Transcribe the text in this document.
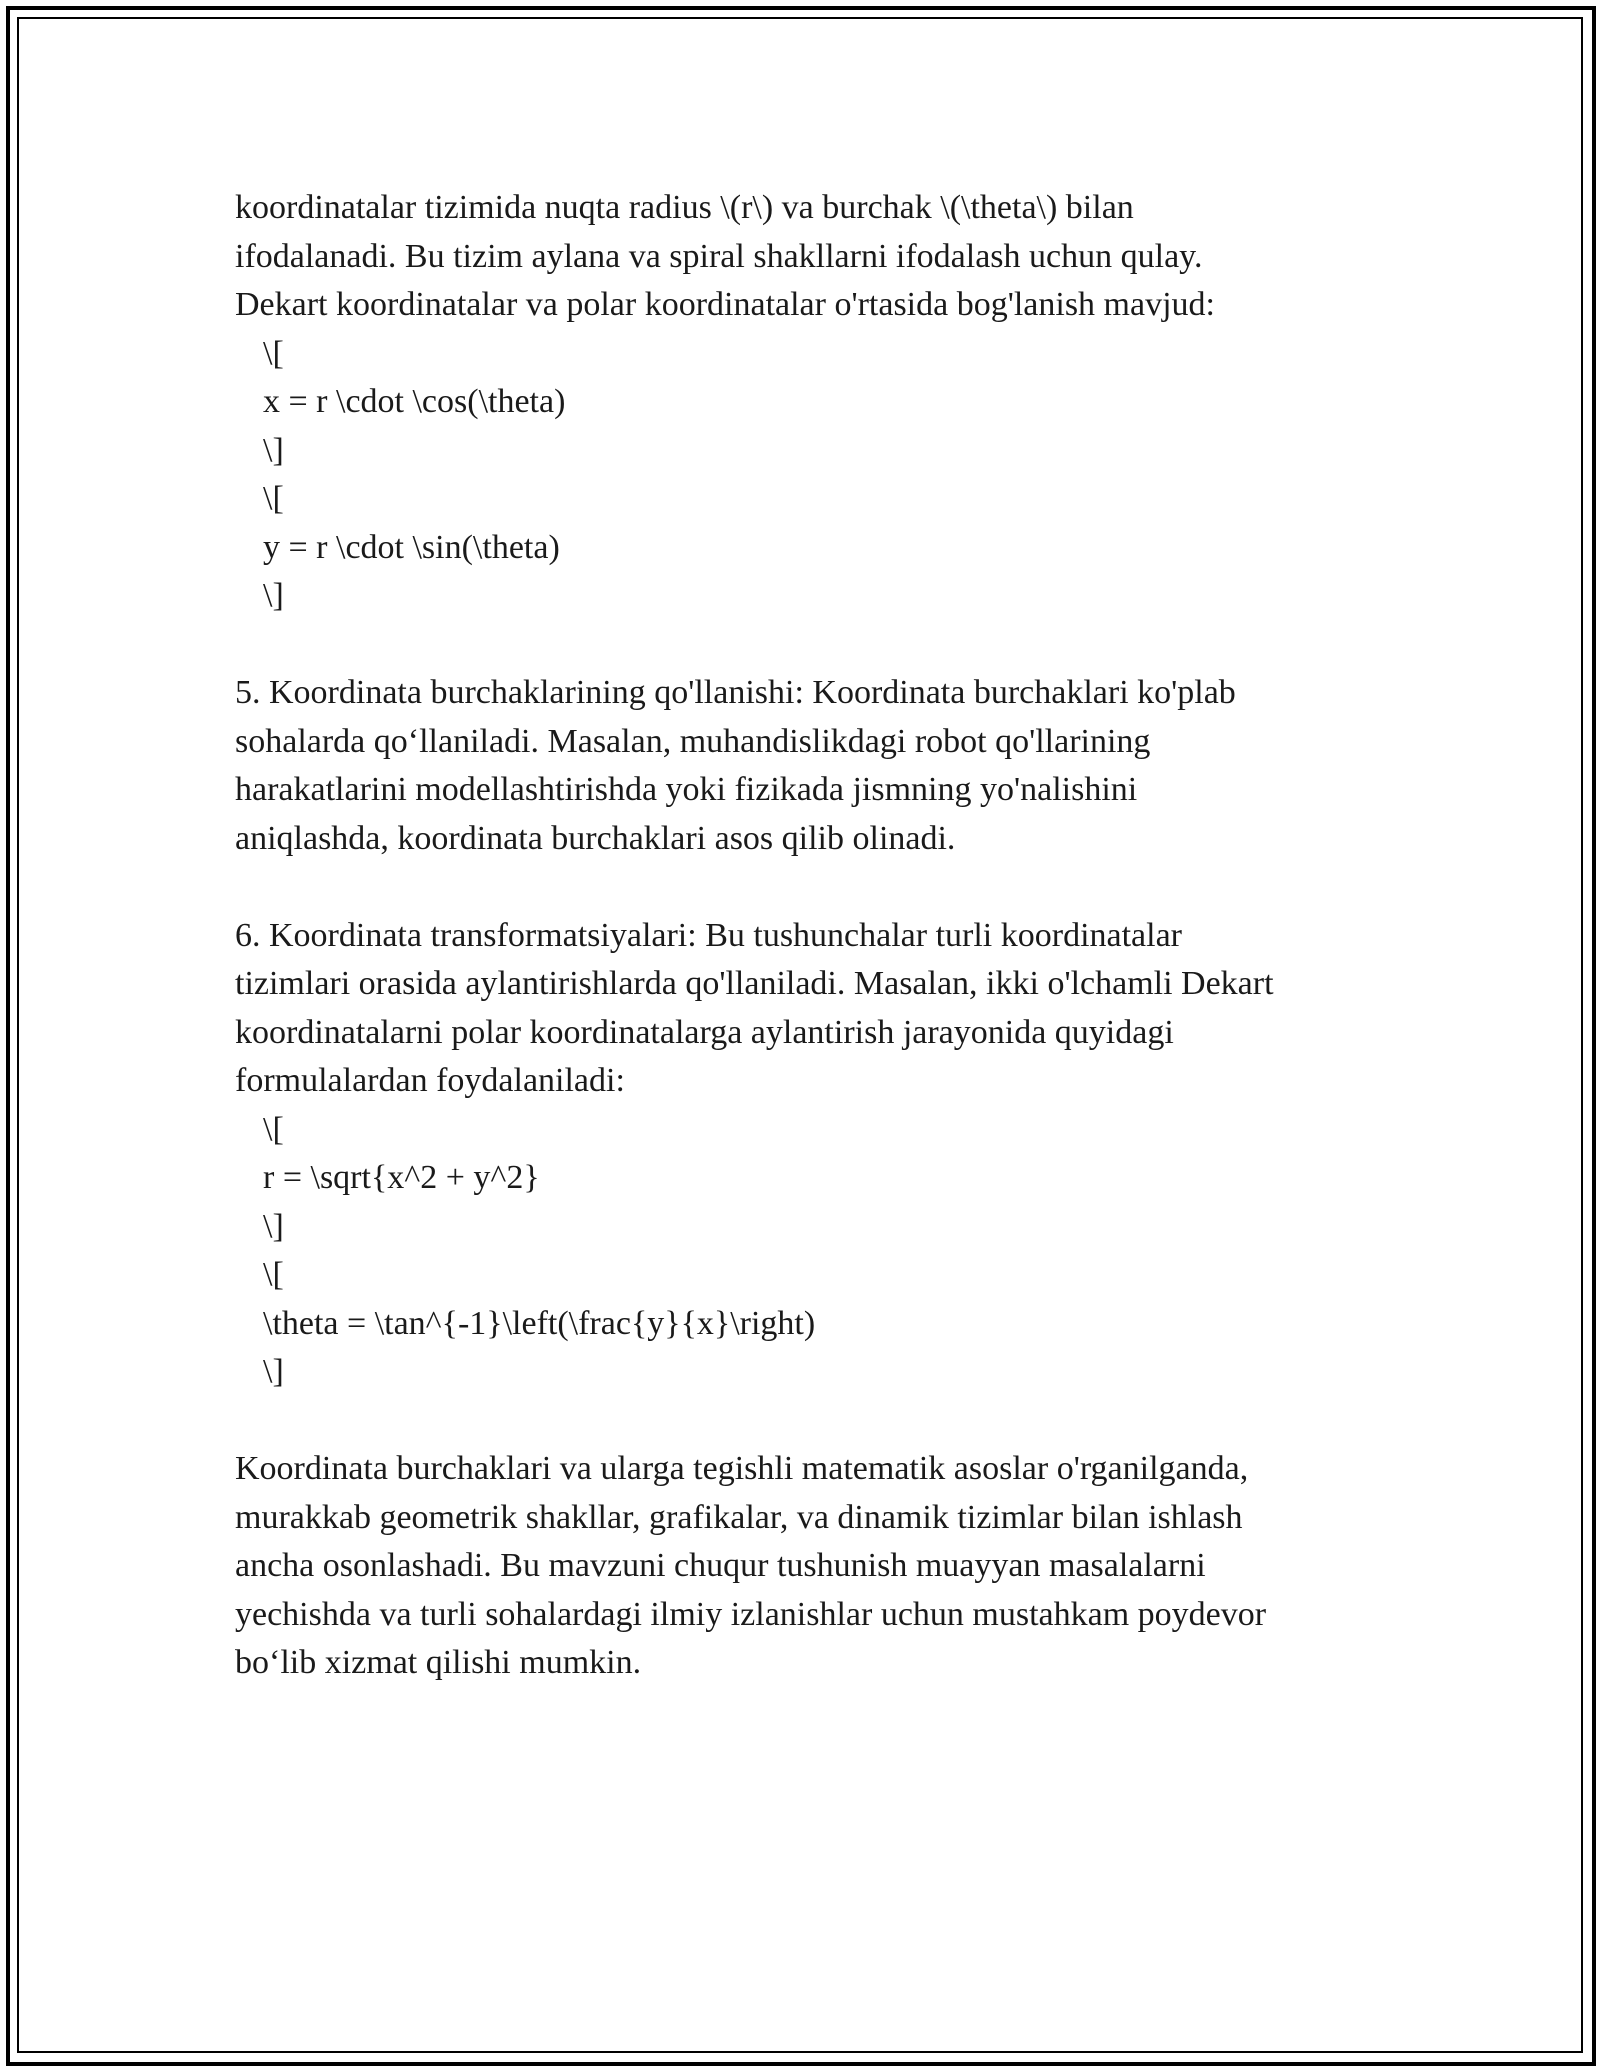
koordinatalar tizimida nuqta radius \(r\) va burchak \(\theta\) bilan
ifodalanadi. Bu tizim aylana va spiral shakllarni ifodalash uchun qulay.
Dekart koordinatalar va polar koordinatalar o'rtasida bog'lanish mavjud:

\[
x = r \cdot \cos(\theta)
\]
\[
y = r \cdot \sin(\theta)
\]

5. Koordinata burchaklarining qo'llanishi: Koordinata burchaklari ko'plab
sohalarda qo‘llaniladi. Masalan, muhandislikdagi robot qo'llarining
harakatlarini modellashtirishda yoki fizikada jismning yo'nalishini
aniqlashda, koordinata burchaklari asos qilib olinadi.

6. Koordinata transformatsiyalari: Bu tushunchalar turli koordinatalar
tizimlari orasida aylantirishlarda qo'llaniladi. Masalan, ikki o'lchamli Dekart
koordinatalarni polar koordinatalarga aylantirish jarayonida quyidagi
formulalardan foydalaniladi:

\[
r = \sqrt{x^2 + y^2}
\]
\[
\theta = \tan^{-1}\left(\frac{y}{x}\right)
\]

Koordinata burchaklari va ularga tegishli matematik asoslar o'rganilganda,
murakkab geometrik shakllar, grafikalar, va dinamik tizimlar bilan ishlash
ancha osonlashadi. Bu mavzuni chuqur tushunish muayyan masalalarni
yechishda va turli sohalardagi ilmiy izlanishlar uchun mustahkam poydevor
bo‘lib xizmat qilishi mumkin.
